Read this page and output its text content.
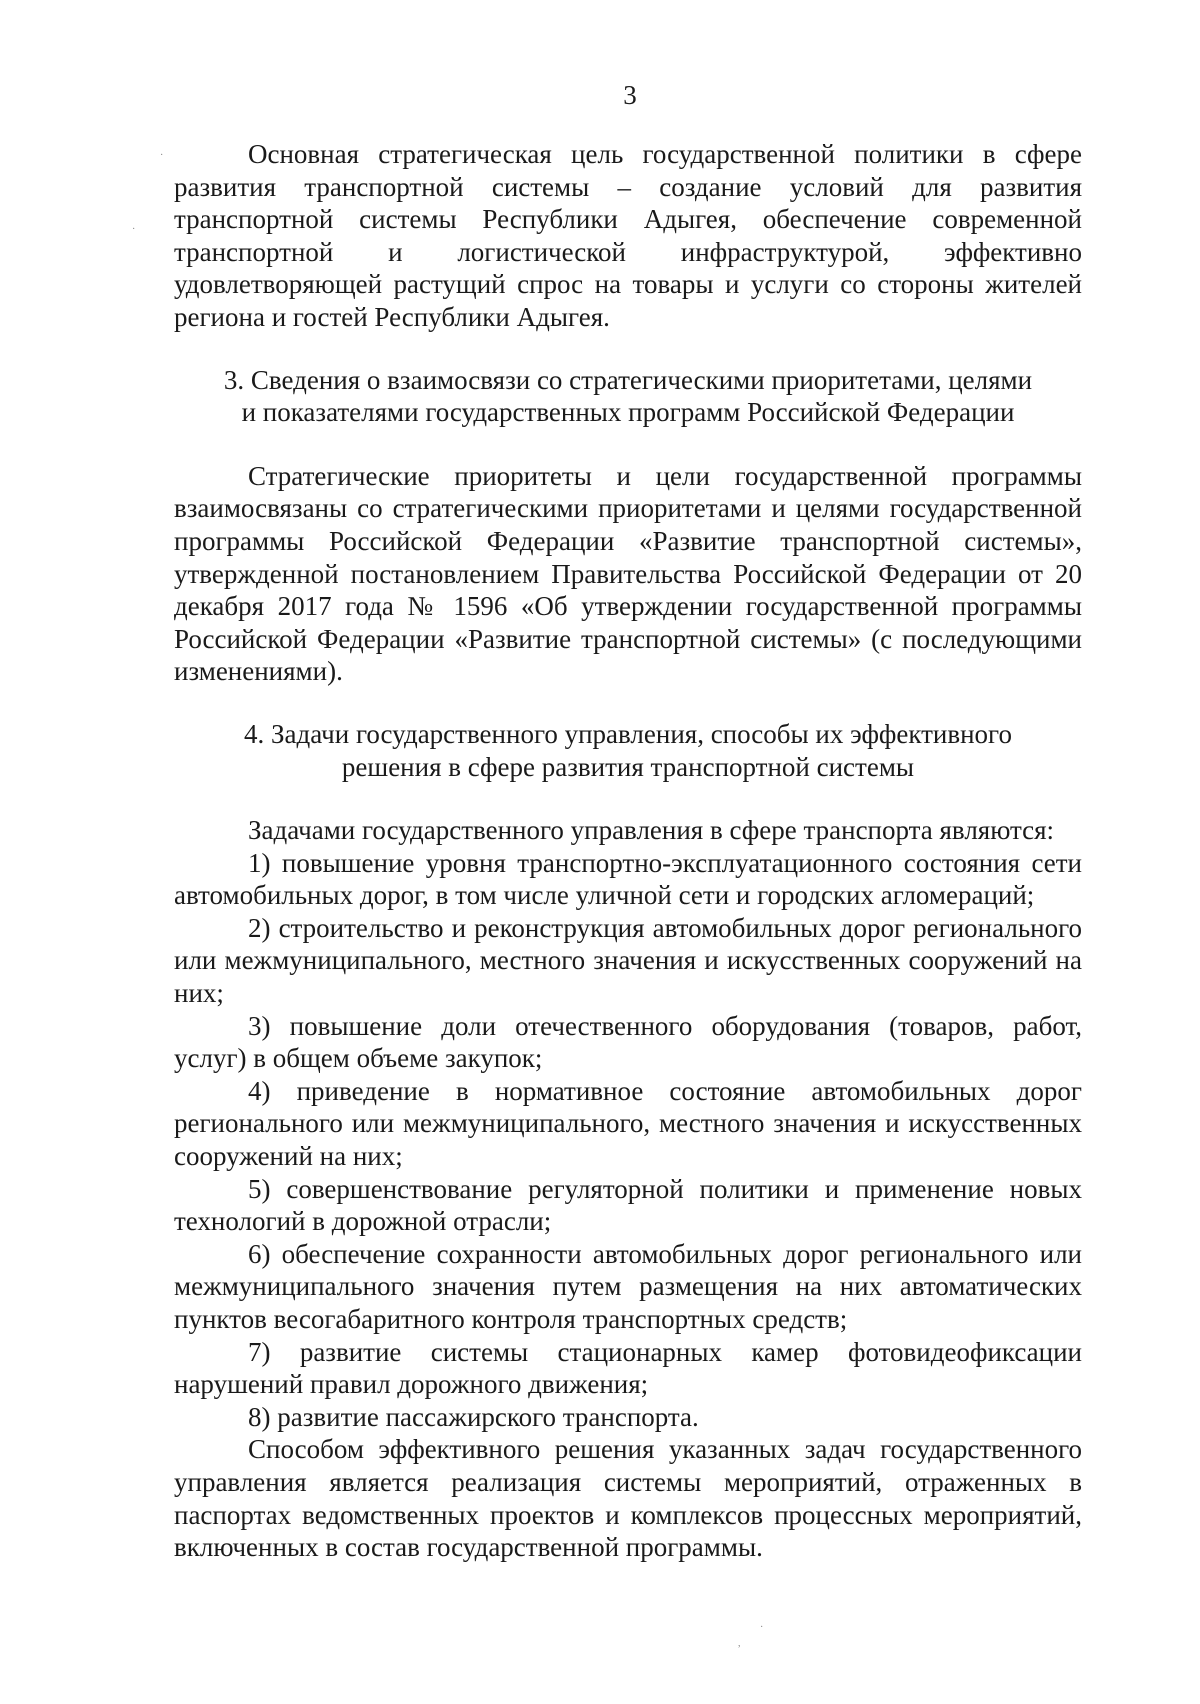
3

Основная стратегическая цель государственной политики в сфере развития транспортной системы – создание условий для развития транспортной системы Республики Адыгея, обеспечение современной транспортной и логистической инфраструктурой, эффективно удовлетворяющей растущий спрос на товары и услуги со стороны жителей региона и гостей Республики Адыгея.

3. Сведения о взаимосвязи со стратегическими приоритетами, целями
и показателями государственных программ Российской Федерации

Стратегические приоритеты и цели государственной программы взаимосвязаны со стратегическими приоритетами и целями государственной программы Российской Федерации «Развитие транспортной системы», утвержденной постановлением Правительства Российской Федерации от 20 декабря 2017 года № 1596 «Об утверждении государственной программы Российской Федерации «Развитие транспортной системы» (с последующими изменениями).

4. Задачи государственного управления, способы их эффективного
решения в сфере развития транспортной системы

Задачами государственного управления в сфере транспорта являются:

1) повышение уровня транспортно-эксплуатационного состояния сети автомобильных дорог, в том числе уличной сети и городских агломераций;

2) строительство и реконструкция автомобильных дорог регионального или межмуниципального, местного значения и искусственных сооружений на них;

3) повышение доли отечественного оборудования (товаров, работ, услуг) в общем объеме закупок;

4) приведение в нормативное состояние автомобильных дорог регионального или межмуниципального, местного значения и искусственных сооружений на них;

5) совершенствование регуляторной политики и применение новых технологий в дорожной отрасли;

6) обеспечение сохранности автомобильных дорог регионального или межмуниципального значения путем размещения на них автоматических пунктов весогабаритного контроля транспортных средств;

7) развитие системы стационарных камер фотовидеофиксации нарушений правил дорожного движения;

8) развитие пассажирского транспорта.

Способом эффективного решения указанных задач государственного управления является реализация системы мероприятий, отраженных в паспортах ведомственных проектов и комплексов процессных мероприятий, включенных в состав государственной программы.

·
·
,
·
